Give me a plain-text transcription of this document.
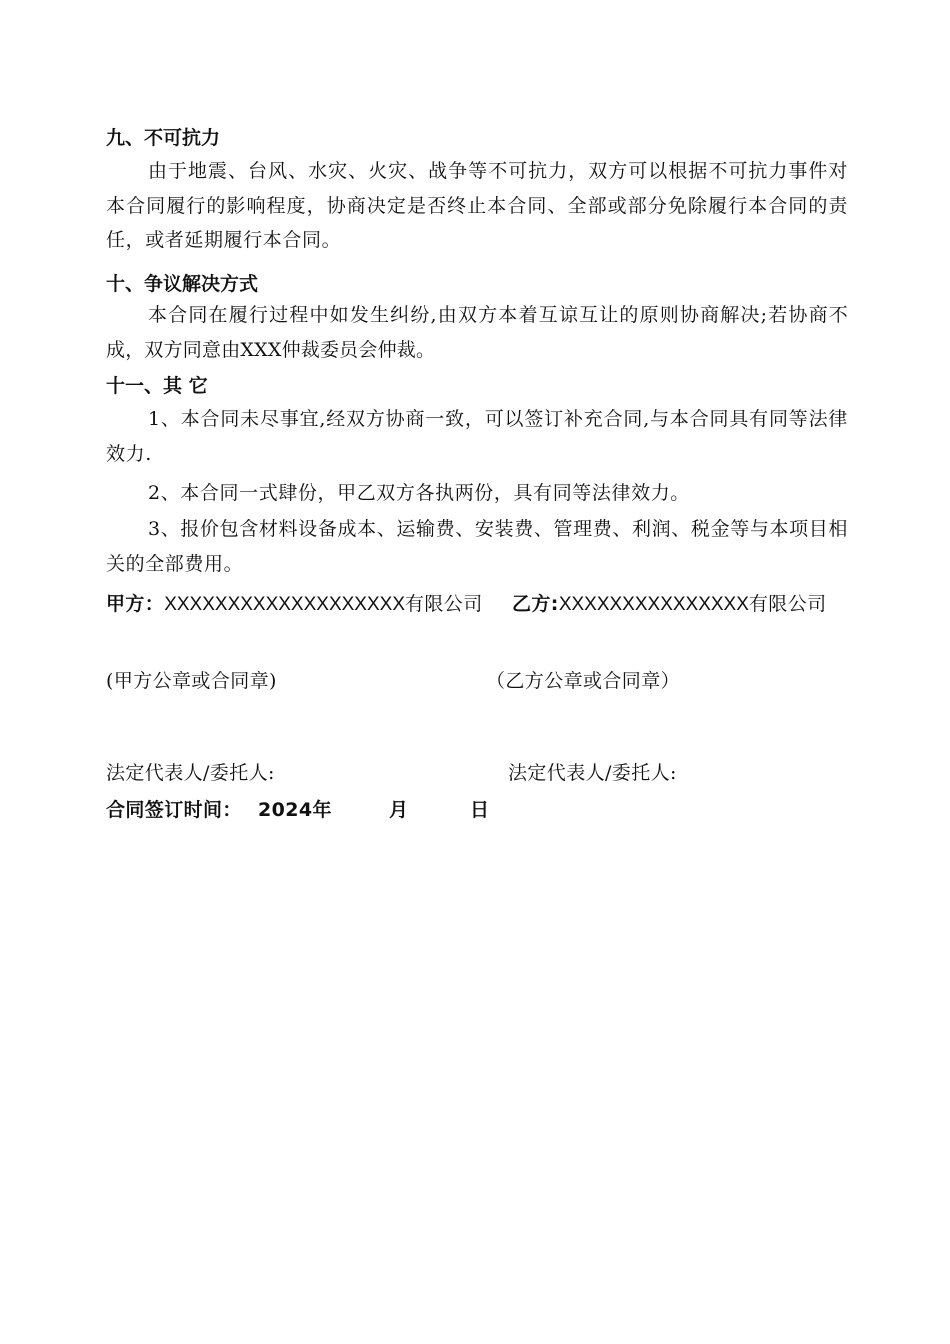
九、不可抗力
由于地震、台风、水灾、火灾、战争等不可抗力，双方可以根据不可抗力事件对本合同履行的影响程度，协商决定是否终止本合同、全部或部分免除履行本合同的责任，或者延期履行本合同。
十、争议解决方式
本合同在履行过程中如发生纠纷,由双方本着互谅互让的原则协商解决;若协商不成，双方同意由XXX仲裁委员会仲裁。
十一、其 它
1、本合同未尽事宜,经双方协商一致，可以签订补充合同,与本合同具有同等法律效力.
2、本合同一式肆份，甲乙双方各执两份，具有同等法律效力。
3、报价包含材料设备成本、运输费、安装费、管理费、利润、税金等与本项目相关的全部费用。
甲方：XXXXXXXXXXXXXXXXXXX有限公司 乙方:XXXXXXXXXXXXXXX有限公司
(甲方公章或合同章)	（乙方公章或合同章）
法定代表人/委托人:	法定代表人/委托人:
合同签订时间： 2024年	月	日
